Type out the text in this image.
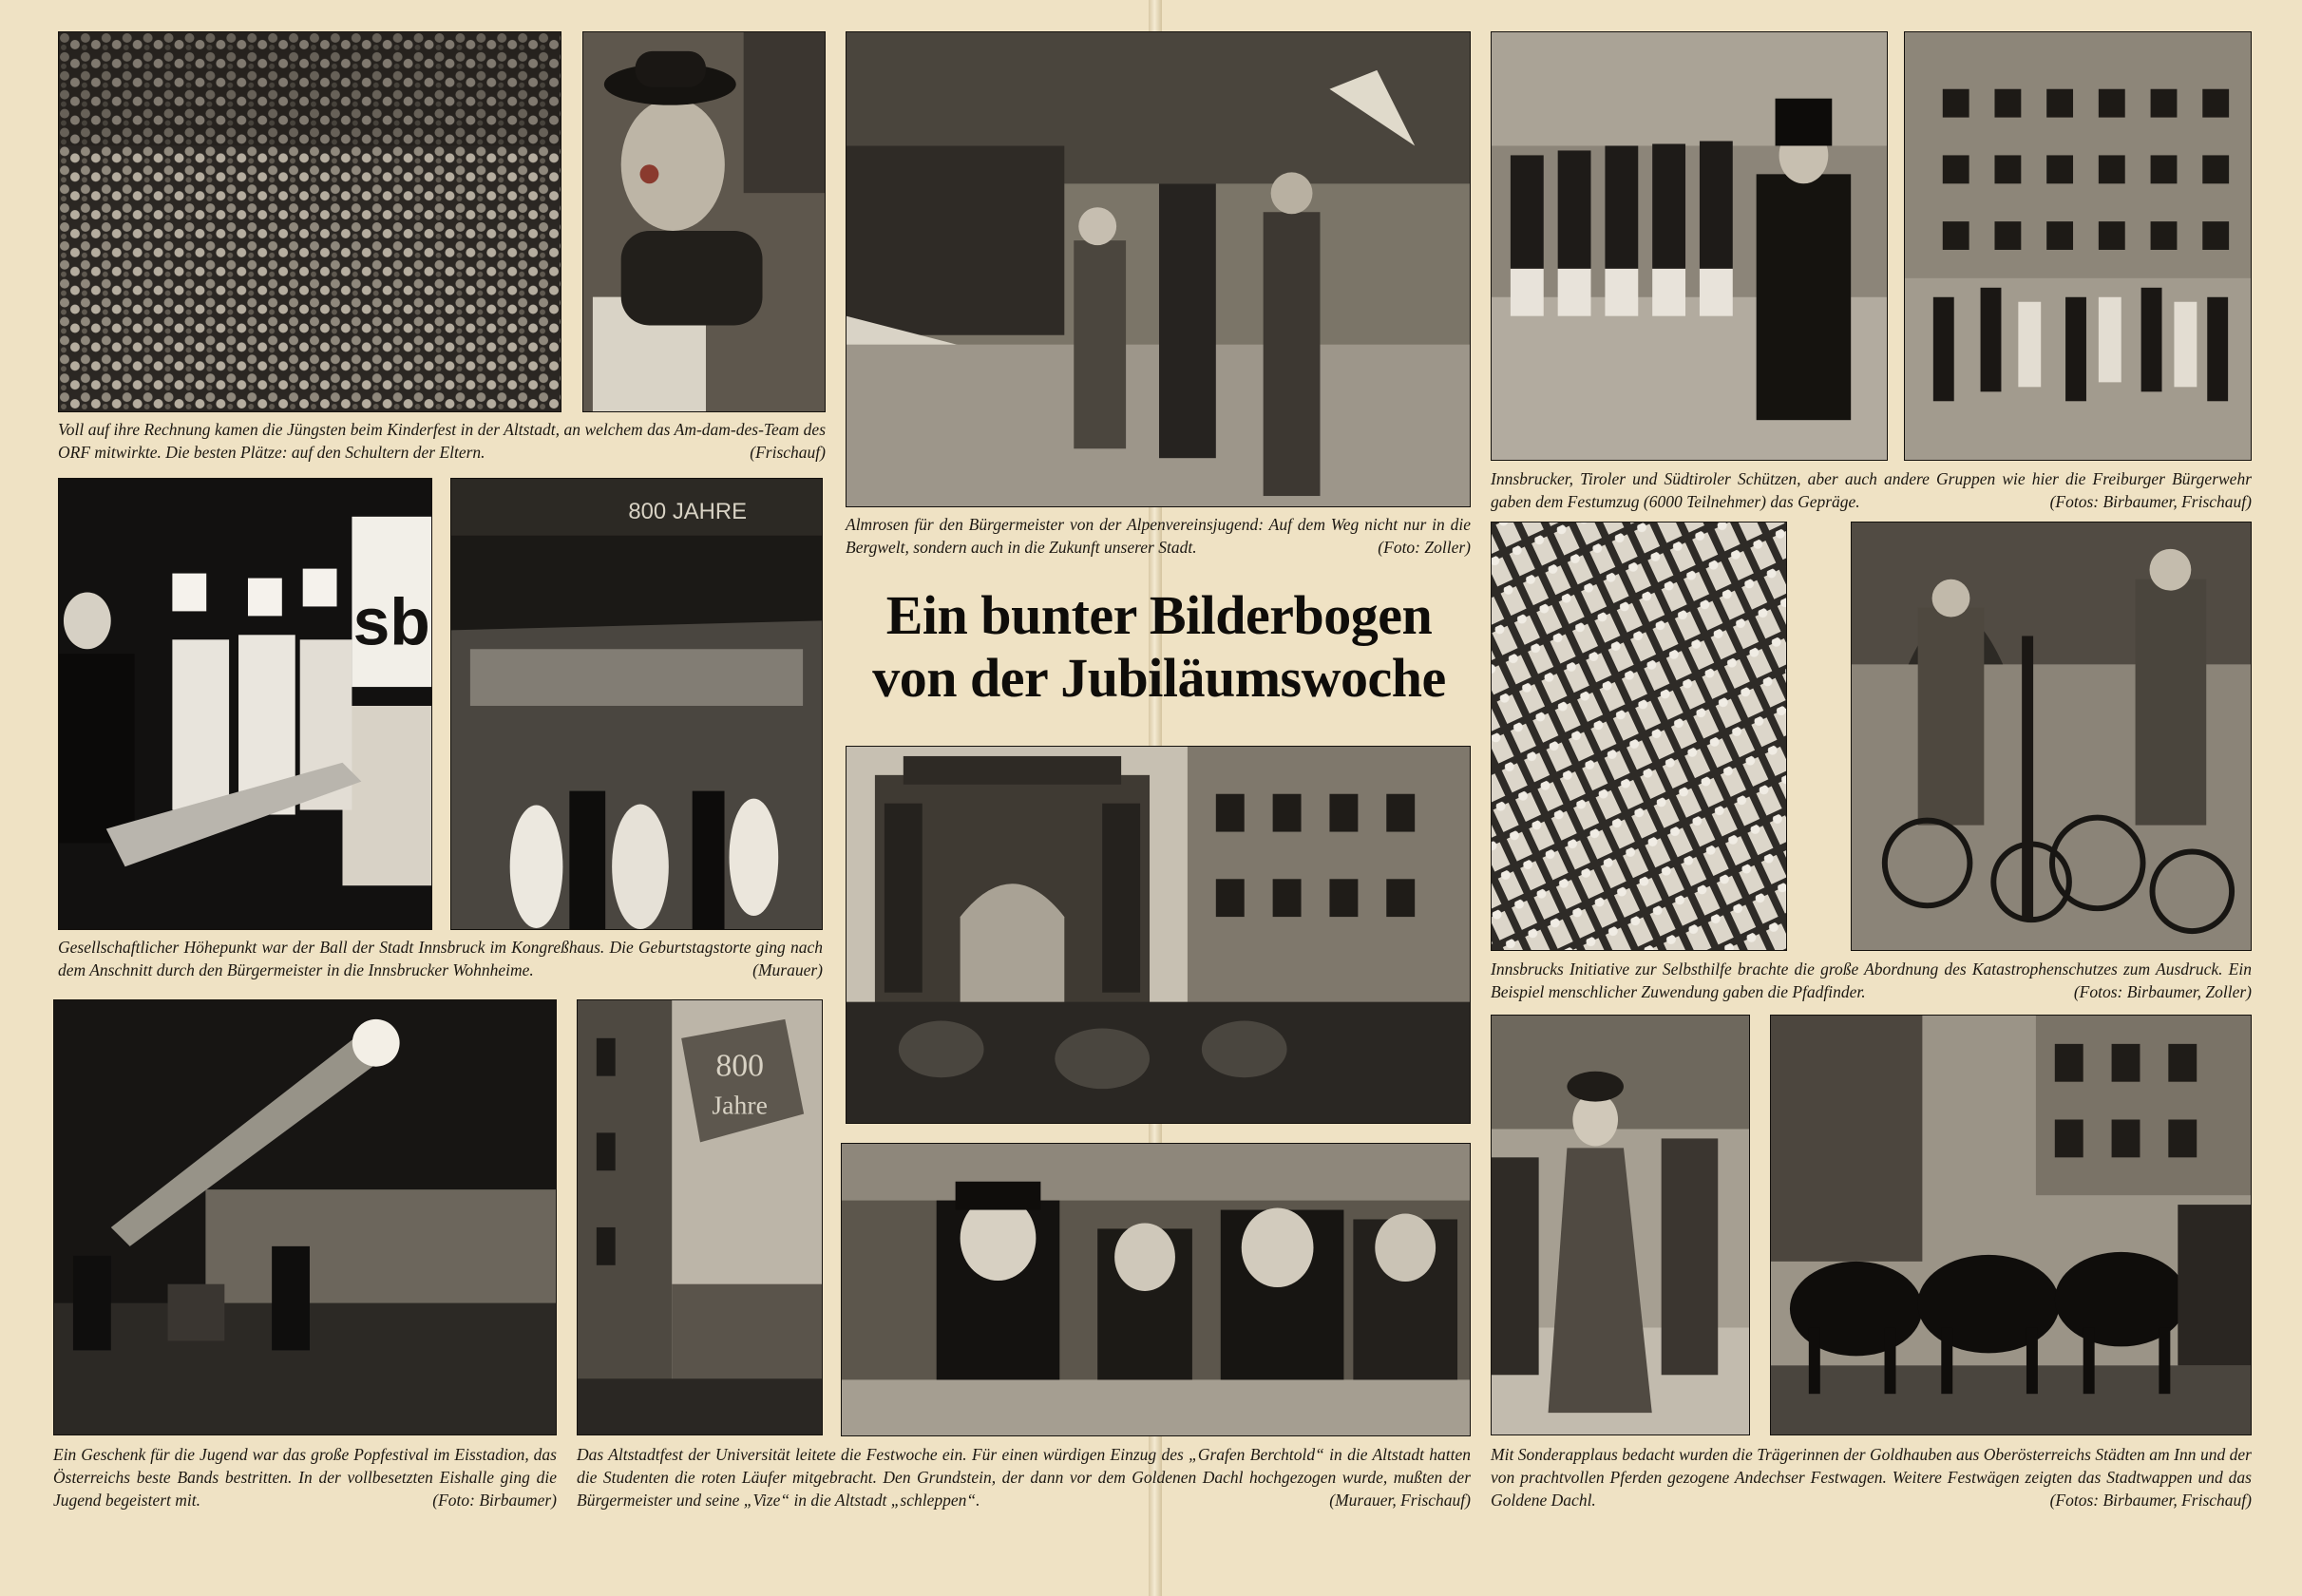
sb
800 JAHRE
800
Jahre
Ein bunter Bilderbogen
von der Jubiläumswoche

Voll auf ihre Rechnung kamen die Jüngsten beim Kinderfest in der Altstadt, an welchem das Am-dam-des-Team des ORF mitwirkte. Die besten Plätze: auf den Schultern der Eltern.	(Frischauf)

Almrosen für den Bürgermeister von der Alpenvereinsjugend: Auf dem Weg nicht nur in die Bergwelt, sondern auch in die Zukunft unserer Stadt.	(Foto: Zoller)

Innsbrucker, Tiroler und Südtiroler Schützen, aber auch andere Gruppen wie hier die Freiburger Bürgerwehr gaben dem Festumzug (6000 Teilnehmer) das Gepräge.	(Fotos: Birbaumer, Frischauf)

Gesellschaftlicher Höhepunkt war der Ball der Stadt Innsbruck im Kongreßhaus. Die Geburtstagstorte ging nach dem Anschnitt durch den Bürgermeister in die Innsbrucker Wohnheime.	(Murauer)	Innsbrucks Initiative zur Selbsthilfe brachte die große Abordnung des Katastrophenschutzes zum Ausdruck. Ein Beispiel menschlicher Zuwendung gaben die Pfadfinder.	(Fotos: Birbaumer, Zoller)

Ein Geschenk für die Jugend war das große Popfestival im Eisstadion, das Österreichs beste Bands bestritten. In der vollbesetzten Eishalle ging die Jugend begeistert mit.	(Foto: Birbaumer)

Das Altstadtfest der Universität leitete die Festwoche ein. Für einen würdigen Einzug des „Grafen Berchtold“ in die Altstadt hatten die Studenten die roten Läufer mitgebracht. Den Grundstein, der dann vor dem Goldenen Dachl hochgezogen wurde, mußten der Bürgermeister und seine „Vize“ in die Altstadt „schleppen“.	(Murauer, Frischauf)

Mit Sonderapplaus bedacht wurden die Trägerinnen der Goldhauben aus Oberösterreichs Städten am Inn und der von prachtvollen Pferden gezogene Andechser Festwagen. Weitere Festwägen zeigten das Stadtwappen und das Goldene Dachl.	(Fotos: Birbaumer, Frischauf)
